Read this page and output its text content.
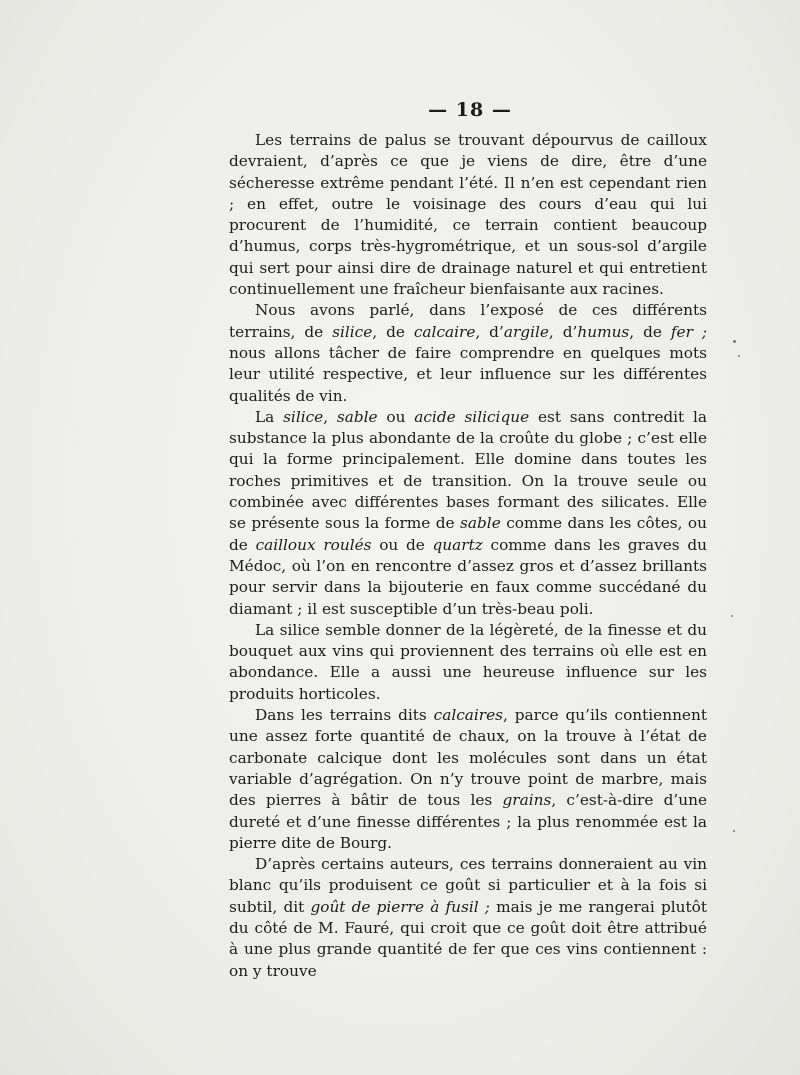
— 18 —

Les terrains de palus se trouvant dépourvus de cailloux devraient, d’après ce que je viens de dire, être d’une sécheresse extrême pendant l’été. Il n’en est cependant rien ; en effet, outre le voisinage des cours d’eau qui lui procurent de l’humidité, ce terrain contient beaucoup d’humus, corps très-hygrométrique, et un sous-sol d’argile qui sert pour ainsi dire de drainage naturel et qui entretient continuellement une fraîcheur bienfaisante aux racines.

Nous avons parlé, dans l’exposé de ces différents terrains, de silice, de calcaire, d’argile, d’humus, de fer ; nous allons tâcher de faire comprendre en quelques mots leur utilité respective, et leur influence sur les différentes qualités de vin.

La silice, sable ou acide silicique est sans contredit la substance la plus abondante de la croûte du globe ; c’est elle qui la forme principalement. Elle domine dans toutes les roches primitives et de transition. On la trouve seule ou combinée avec différentes bases formant des silicates. Elle se présente sous la forme de sable comme dans les côtes, ou de cailloux roulés ou de quartz comme dans les graves du Médoc, où l’on en rencontre d’assez gros et d’assez brillants pour servir dans la bijouterie en faux comme succédané du diamant ; il est susceptible d’un très-beau poli.

La silice semble donner de la légèreté, de la finesse et du bouquet aux vins qui proviennent des terrains où elle est en abondance. Elle a aussi une heureuse influence sur les produits horticoles.

Dans les terrains dits calcaires, parce qu’ils contiennent une assez forte quantité de chaux, on la trouve à l’état de carbonate calcique dont les molécules sont dans un état variable d’agrégation. On n’y trouve point de marbre, mais des pierres à bâtir de tous les grains, c’est-à-dire d’une dureté et d’une finesse différentes ; la plus renommée est la pierre dite de Bourg.

D’après certains auteurs, ces terrains donneraient au vin blanc qu’ils produisent ce goût si particulier et à la fois si subtil, dit goût de pierre à fusil ; mais je me rangerai plutôt du côté de M. Fauré, qui croit que ce goût doit être attribué à une plus grande quantité de fer que ces vins contiennent : on y trouve
